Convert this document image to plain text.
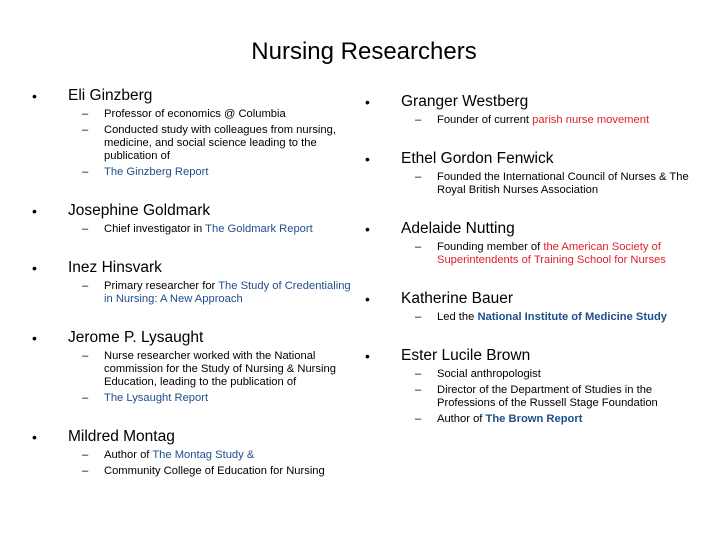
Nursing Researchers
• Eli Ginzberg
– Professor of economics @ Columbia
– Conducted study with colleagues from nursing, medicine, and social science leading to the publication of
– The Ginzberg Report
• Josephine Goldmark
– Chief investigator in The Goldmark Report
• Inez Hinsvark
– Primary researcher for The Study of Credentialing in Nursing: A New Approach
• Jerome P. Lysaught
– Nurse researcher worked with the National commission for the Study of Nursing & Nursing Education, leading to the publication of
– The Lysaught Report
• Mildred Montag
– Author of The Montag Study &
– Community College of Education for Nursing
• Granger Westberg
– Founder of current parish nurse movement
• Ethel Gordon Fenwick
– Founded the International Council of Nurses & The Royal British Nurses Association
• Adelaide Nutting
– Founding member of the American Society of Superintendents of Training School for Nurses
• Katherine Bauer
– Led the National Institute of Medicine Study
• Ester Lucile Brown
– Social anthropologist
– Director of the Department of Studies in the Professions of the Russell Stage Foundation
– Author of The Brown Report
